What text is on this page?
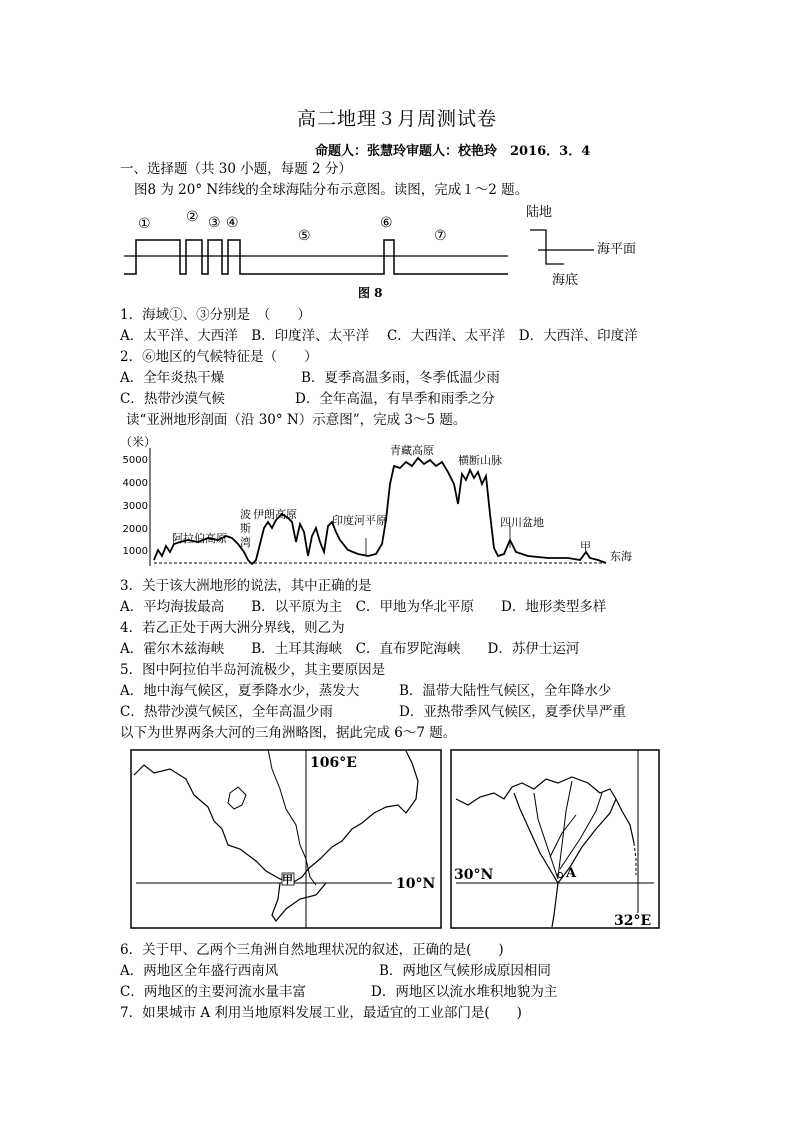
高二地理３月周测试卷
命题人：张慧玲审题人：校艳玲　2016．3．4
一、选择题（共 30 小题，每题 2 分）
图8 为 20° N纬线的全球海陆分布示意图。读图，完成１～2 题。
①	② ③ ④
⑤
⑥
⑦
陆地
海平面
海底
图 8
1．海域①、③分别是　（　　）
A．太平洋、大西洋　B．印度洋、太平洋　 C．大西洋、太平洋　D．大西洋、印度洋
2．⑥地区的气候特征是（　　）
A．全年炎热干燥	B．夏季高温多雨，冬季低温少雨
C．热带沙漠气候	D．全年高温，有旱季和雨季之分
读“亚洲地形剖面（沿 30° N）示意图”，完成 3～5 题。
（米）
5000
4000
3000
2000
1000
阿拉伯高原
波
斯
湾
伊朗高原	印度河平原
青藏高原
横断山脉
四川盆地
甲
东海
3．关于该大洲地形的说法，其中正确的是
A．平均海拔最高　　B．以平原为主　C．甲地为华北平原　　D．地形类型多样
4．若乙正处于两大洲分界线，则乙为
A．霍尔木兹海峡　　B．土耳其海峡　C．直布罗陀海峡　　D．苏伊士运河
5．图中阿拉伯半岛河流极少，其主要原因是
A．地中海气候区，夏季降水少，蒸发大	B．温带大陆性气候区，全年降水少
C．热带沙漠气候区，全年高温少雨	D．亚热带季风气候区，夏季伏旱严重
以下为世界两条大河的三角洲略图，据此完成 6～7 题。
106°E
10°N
甲	30°N
32°E
A
6．关于甲、乙两个三角洲自然地理状况的叙述，正确的是(　　)
A．两地区全年盛行西南风	B．两地区气候形成原因相同
C．两地区的主要河流水量丰富	D．两地区以流水堆积地貌为主
7．如果城市 A 利用当地原料发展工业，最适宜的工业部门是(　　)
